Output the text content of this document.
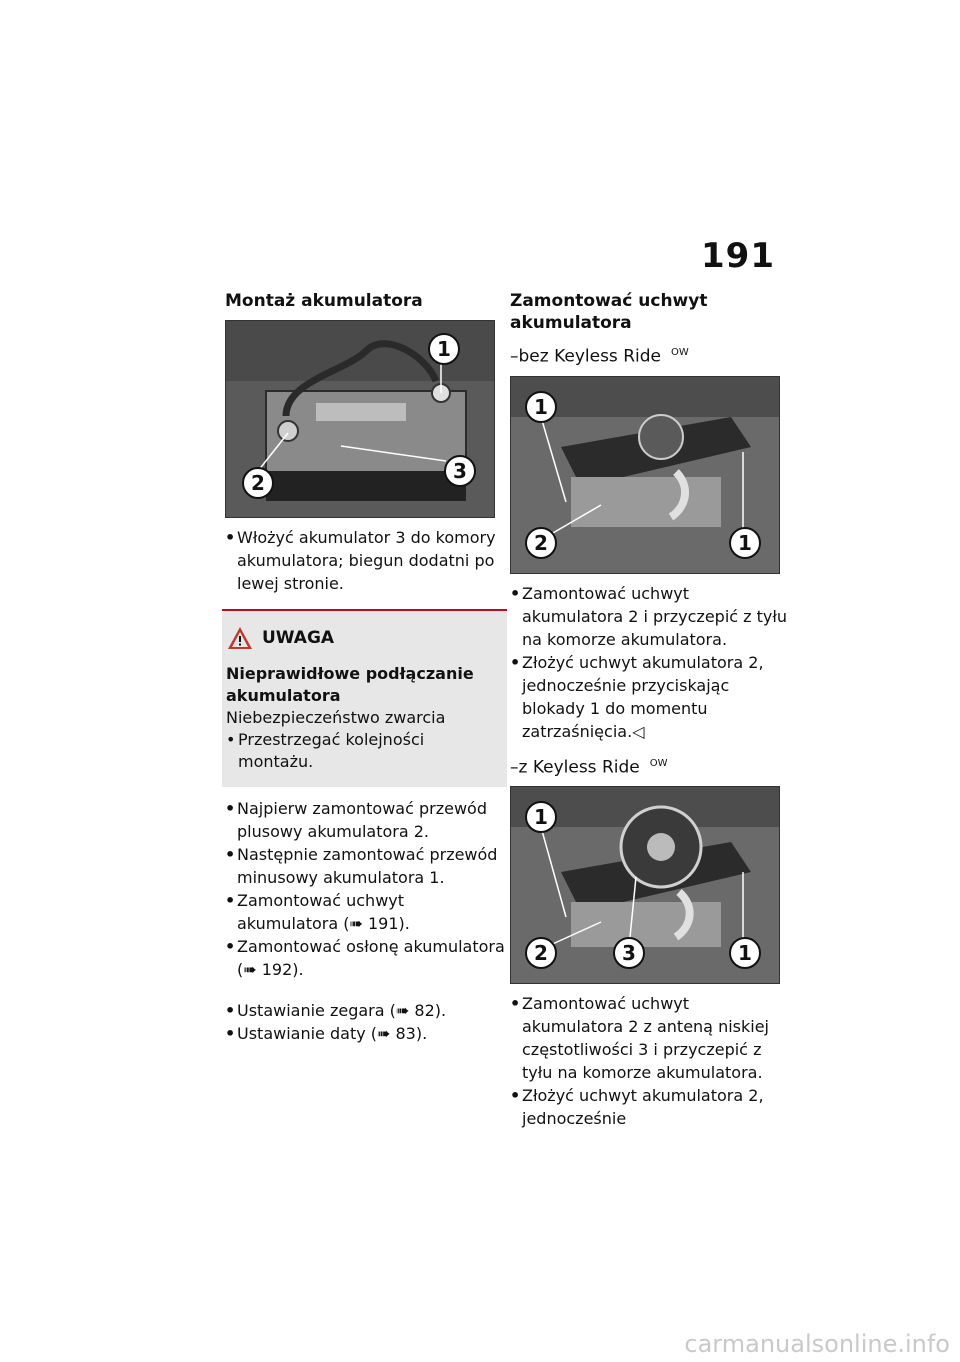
191
Montaż akumulatora
1
2	3
• Włożyć akumulator 3 do komory akumulatora; biegun dodatni po lewej stronie.
UWAGA
Nieprawidłowe podłączanie akumulatora
Niebezpieczeństwo zwarcia
• Przestrzegać kolejności montażu.
• Najpierw zamontować przewód plusowy akumulatora 2.
• Następnie zamontować przewód minusowy akumulatora 1.
• Zamontować uchwyt akumulatora (➠ 191).
• Zamontować osłonę akumulatora (➠ 192).
• Ustawianie zegara (➠ 82).
• Ustawianie daty (➠ 83).
Zamontować uchwyt akumulatora
–bez Keyless Ride $^{OW}$
1
2	1
• Zamontować uchwyt akumulatora 2 i przyczepić z tyłu na komorze akumulatora.
• Złożyć uchwyt akumulatora 2, jednocześnie przyciskając blokady 1 do momentu zatrzaśnięcia.◁
–z Keyless Ride $^{OW}$
1
2	3	1
• Zamontować uchwyt akumulatora 2 z anteną niskiej częstotliwości 3 i przyczepić z tyłu na komorze akumulatora.
• Złożyć uchwyt akumulatora 2, jednocześnie
carmanualsonline.info
